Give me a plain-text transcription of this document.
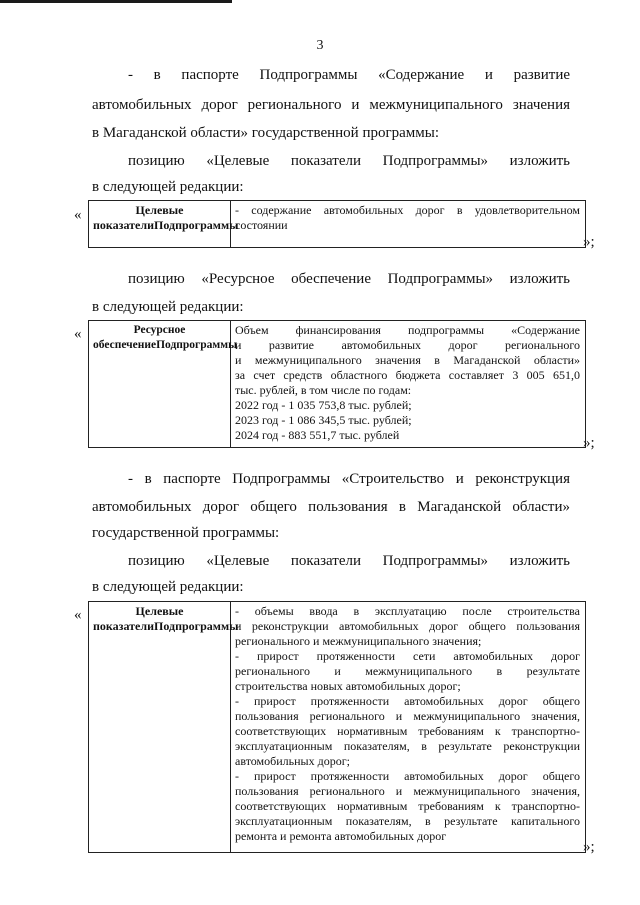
3
- в паспорте Подпрограммы «Содержание и развитие
автомобильных дорог регионального и межмуниципального значения
в Магаданской области» государственной программы:
позицию «Целевые показатели Подпрограммы» изложить
в следующей редакции:
«	Целевые показателиПодпрограммы
- содержание автомобильных дорог в удовлетворительном
состоянии
»;
позицию «Ресурсное обеспечение Подпрограммы» изложить
в следующей редакции:
«	Ресурсное обеспечениеПодпрограммы
Объем финансирования подпрограммы «Содержание
и развитие автомобильных дорог регионального
и межмуниципального значения в Магаданской области»
за счет средств областного бюджета составляет 3 005 651,0
тыс. рублей, в том числе по годам:
2022 год - 1 035 753,8 тыс. рублей;
2023 год - 1 086 345,5 тыс. рублей;
2024 год - 883 551,7 тыс. рублей	»;
- в паспорте Подпрограммы «Строительство и реконструкция
автомобильных дорог общего пользования в Магаданской области»
государственной программы:
позицию «Целевые показатели Подпрограммы» изложить
в следующей редакции:
«	Целевые показателиПодпрограммы
- объемы ввода в эксплуатацию после строительства
и реконструкции автомобильных дорог общего пользования
регионального и межмуниципального значения;
- прирост протяженности сети автомобильных дорог
регионального и межмуниципального в результате
строительства новых автомобильных дорог;
- прирост протяженности автомобильных дорог общего
пользования регионального и межмуниципального значения,
соответствующих нормативным требованиям к транспортно-
эксплуатационным показателям, в результате реконструкции
автомобильных дорог;
- прирост протяженности автомобильных дорог общего
пользования регионального и межмуниципального значения,
соответствующих нормативным требованиям к транспортно-
эксплуатационным показателям, в результате капитального
ремонта и ремонта автомобильных дорог
»;
